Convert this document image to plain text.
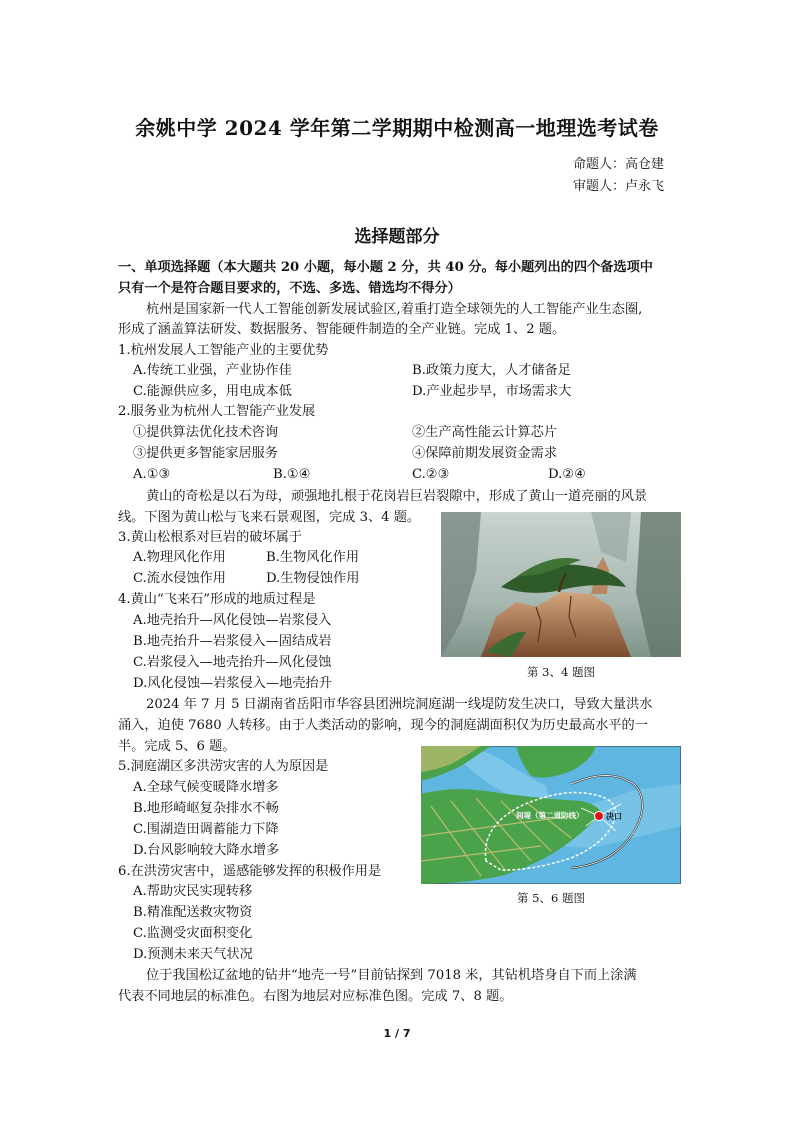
余姚中学 2024 学年第二学期期中检测高一地理选考试卷
命题人：高仓建
审题人：卢永飞
选择题部分
一、单项选择题（本大题共 20 小题，每小题 2 分，共 40 分。每小题列出的四个备选项中
只有一个是符合题目要求的，不选、多选、错选均不得分）
杭州是国家新一代人工智能创新发展试验区,着重打造全球领先的人工智能产业生态圈,
形成了涵盖算法研发、数据服务、智能硬件制造的全产业链。完成 1、2 题。
1.杭州发展人工智能产业的主要优势
A.传统工业强，产业协作佳	B.政策力度大，人才储备足
C.能源供应多，用电成本低	D.产业起步早，市场需求大
2.服务业为杭州人工智能产业发展
①提供算法优化技术咨询	②生产高性能云计算芯片
③提供更多智能家居服务	④保障前期发展资金需求
A.①③	B.①④	C.②③	D.②④
黄山的奇松是以石为母，顽强地扎根于花岗岩巨岩裂隙中，形成了黄山一道亮丽的风景
线。下图为黄山松与飞来石景观图，完成 3、4 题。
3.黄山松根系对巨岩的破坏属于
A.物理风化作用	B.生物风化作用
C.流水侵蚀作用	D.生物侵蚀作用
4.黄山“飞来石”形成的地质过程是
A.地壳抬升—风化侵蚀—岩浆侵入
B.地壳抬升—岩浆侵入—固结成岩
C.岩浆侵入—地壳抬升—风化侵蚀
D.风化侵蚀—岩浆侵入—地壳抬升
第 3、4 题图
2024 年 7 月 5 日湖南省岳阳市华容县团洲垸洞庭湖一线堤防发生决口，导致大量洪水
涌入，迫使 7680 人转移。由于人类活动的影响，现今的洞庭湖面积仅为历史最高水平的一
半。完成 5、6 题。
5.洞庭湖区多洪涝灾害的人为原因是
A.全球气候变暖降水增多
B.地形崎岖复杂排水不畅
C.围湖造田调蓄能力下降
D.台风影响较大降水增多
6.在洪涝灾害中，遥感能够发挥的积极作用是
A.帮助灾民实现转移
B.精准配送救灾物资
C.监测受灾面积变化
D.预测未来天气状况
间堤（第二道防线）	决口
第 5、6 题图
位于我国松辽盆地的钻井“地壳一号”目前钻探到 7018 米，其钻机塔身自下而上涂满
代表不同地层的标准色。右图为地层对应标准色图。完成 7、8 题。
1 / 7
